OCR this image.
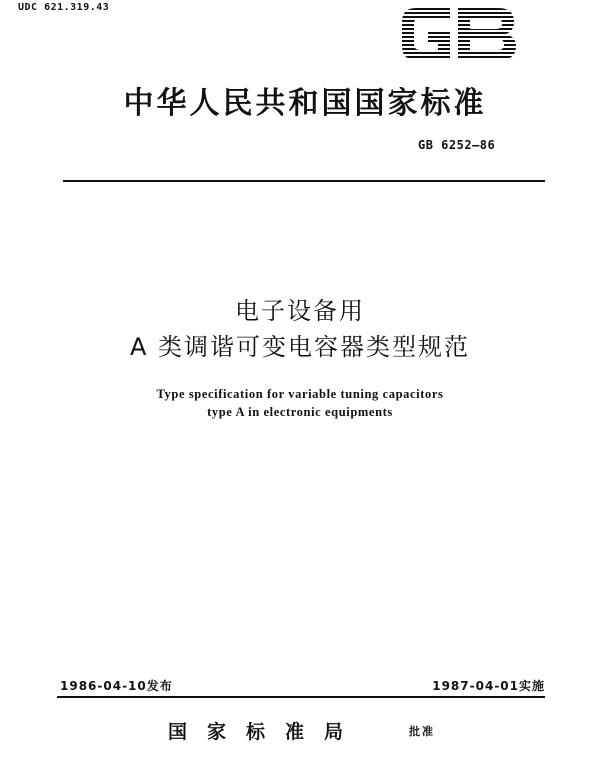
UDC 621.319.43
中华人民共和国国家标准
GB 6252—86
电子设备用
A 类调谐可变电容器类型规范
Type specification for variable tuning capacitors
type A in electronic equipments
1986-04-10发布	1987-04-01实施
国家标准局	批准
